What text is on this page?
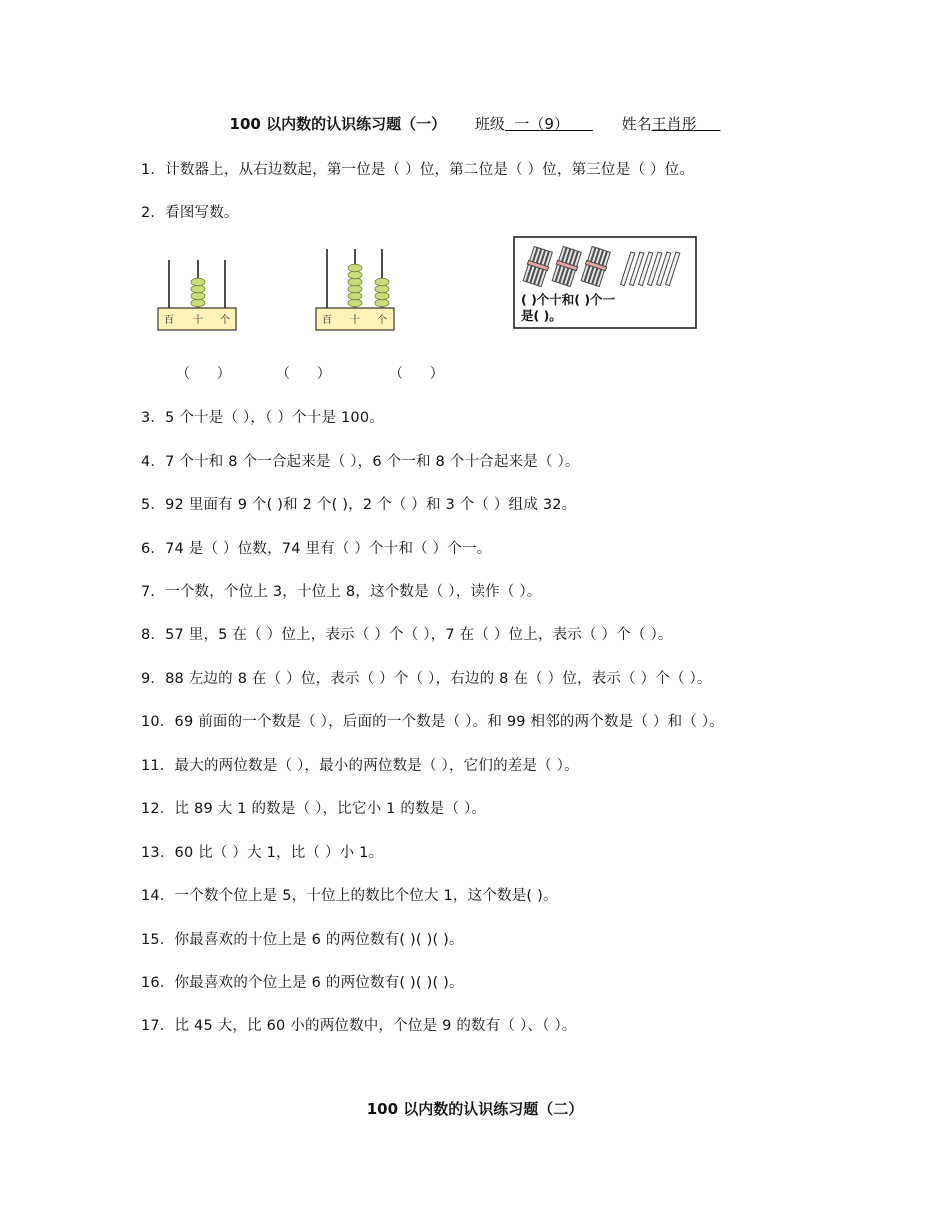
100 以内数的认识练习题（一） 班级 一（9）	姓名王肖彤
1．计数器上，从右边数起，第一位是（ ）位，第二位是（ ）位，第三位是（ ）位。
2．看图写数。
百 十 个	百 十 个
( )个十和( )个一
是( )。
（      ）	（      ）	（      ）
3．5 个十是（ ），（ ）个十是 100。
4．7 个十和 8 个一合起来是（ ），6 个一和 8 个十合起来是（ ）。
5．92 里面有 9 个( )和 2 个( )，2 个（ ）和 3 个（ ）组成 32。
6．74 是（ ）位数，74 里有（ ）个十和（ ）个一。
7．一个数，个位上 3，十位上 8，这个数是（ ），读作（ ）。
8．57 里，5 在（ ）位上，表示（ ）个（ ），7 在（ ）位上，表示（ ）个（ ）。
9．88 左边的 8 在（ ）位，表示（ ）个（ ），右边的 8 在（ ）位，表示（ ）个（ ）。
10．69 前面的一个数是（ ），后面的一个数是（ ）。和 99 相邻的两个数是（ ）和（ ）。
11．最大的两位数是（ ），最小的两位数是（ ），它们的差是（ ）。
12．比 89 大 1 的数是（ ），比它小 1 的数是（ ）。
13．60 比（ ）大 1，比（ ）小 1。
14．一个数个位上是 5，十位上的数比个位大 1，这个数是( )。
15．你最喜欢的十位上是 6 的两位数有( )( )( )。
16．你最喜欢的个位上是 6 的两位数有( )( )( )。
17．比 45 大，比 60 小的两位数中，个位是 9 的数有（ ）、（ ）。
100 以内数的认识练习题（二）
